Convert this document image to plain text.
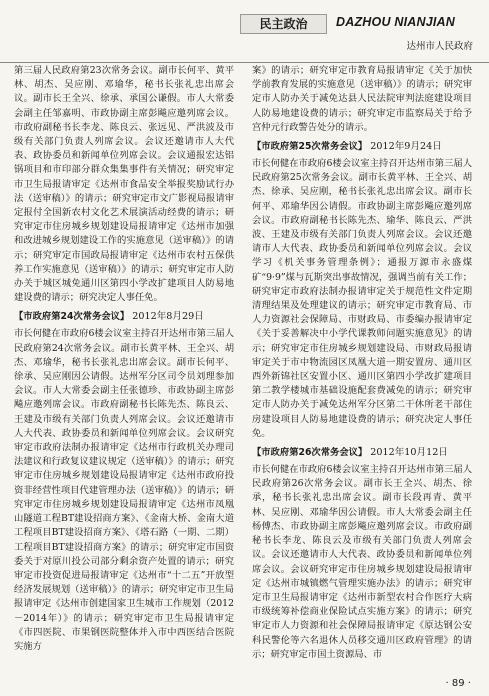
民主政治	DAZHOU NIANJIAN
达州市人民政府

第三届人民政府第23次常务会议。副市长何平、黄平林、胡杰、吴应刚、邓瑜华，秘书长张礼忠出席会议。副市长王全兴、徐承、承国公谦假。市人大常委会副主任邹嘉明、市政协副主席彭飚应邀列席会议。市政府副秘书长李龙、陈良云、张远见、严洪波及市级有关部门负责人列席会议。会议还邀请市人大代表、政协委员和新闻单位列席会议。会议通报宏达铝锅项目和市印部分群众集集事件有关情况；研究审定市卫生局报请审定《达州市食品安全举报奖励试行办法（送审稿）》的请示；研究审定市文广影视局报请审定报付全国新农村文化艺术展演活动经费的请示；研究审定市住房城乡规划建设局报请审定《达州市加强和改进城乡规划建设工作的实施意见（送审稿）》的请示；研究审定市国政局报请审定《达州市农村五保供养工作实施意见（送审稿）》的请示；研究审定市人防办关于城区城免通川区第四小学改扩建项目人防易地建设费的请示；研究决定人事任免。

【市政府第24次常务会议】 2012年8月29日

市长何健在市政府6楼会议室主持召开达州市第三届人民政府第24次常务会议。副市长黄平林、王全兴、胡杰、邓瑜华，秘书长张礼忠出席会议。副市长何平、徐承、吴应刚因公请假。达州军分区司令员刘理参加会议。市人大常委会副主任张德珍、市政协副主席彭飚应邀列席会议。市政府副秘书长陈先杰、陈良云、王建及市级有关部门负责人列席会议。会议还邀请市人大代表、政协委员和新闻单位列席会议。会议研究审定市政府法制办报请审定《达州市行政机关办理司法建议和行政复议建议规定（送审稿）》的请示；研究审定市住房城乡规划建设局报请审定《达州市政府投资非经营性项目代建管理办法（送审稿）》的请示；研究审定市住房城乡规划建设局报请审定《达州市凤凰山隧道工程BT建设招商方案》、《金南大桥、金南大道工程项目BT建设招商方案》、《塔石路（一期、二期）工程项目BT建设招商方案》的请示；研究审定市国资委关于对原川投公司部分剩余资产处置的请示；研究审定市投资促进局报请审定《达州市“十二五”开放型经济发展规划（送审稿）》的请示；研究审定市卫生局报请审定《达州市创建国家卫生城市工作规划（2012－2014年）》的请示；研究审定市卫生局报请审定《市四医院、市果钢医院整体并入市中西医结合医院实施方

案》的请示；研究审定市教育局报请审定《关于加快学前教育发展的实施意见（送审稿）》的请示；研究审定市人防办关于减免达县人民法院审判法庭建设项目人防易地建设费的请示；研究审定市监察局关于给予宫仲元行政警告处分的请示。

【市政府第25次常务会议】 2012年9月24日

市长何健在市政府6楼会议室主持召开达州市第三届人民政府第25次常务会议。副市长黄平林、王全兴、胡杰、徐承、吴应刚，秘书长张礼忠出席会议。副市长何平、邓瑜华因公请假。市政协副主席彭飚应邀列席会议。市政府副秘书长陈先杰、瑜华、陈良云、严洪波、王建及市级有关部门负责人列席会议。会议还邀请市人大代表、政协委员和新闻单位列席会议。会议学习《机关事务管理条例》；通报万源市永盛煤矿“9·9”煤与瓦斯突出事故情况，强调当前有关工作；研究审定市政府法制办报请审定关于规范性文件定期清理结果及处理建议的请示；研究审定市教育局、市人力资源社会保障局、市财政局、市委编办报请审定《关于妥善解决中小学代课教师问题实施意见》的请示；研究审定市住房城乡规划建设局、市财政局报请审定关于市中物流园区凤凰大道一期安置房、通川区西外新锦社区安置小区、通川区第四小学改扩建项目第二教学楼城市基础设施配套费减免的请示；研究审定市人防办关于减免达州军分区第二干休所老干部住房建设项目人防易地建设费的请示；研究决定人事任免。

【市政府第26次常务会议】 2012年10月12日

市长何健在市政府6楼会议室主持召开达州市第三届人民政府第26次常务会议。副市长王全兴、胡杰、徐承，秘书长张礼忠出席会议。副市长段再青、黄平林、吴应刚、邓瑜华因公请假。市人大常委会副主任杨傅杰、市政协副主席彭飚应邀列席会议。市政府副秘书长李龙、陈良云及市级有关部门负责人列席会议。会议还邀请市人大代表、政协委员和新闻单位列席会议。会议研究审定市住房城乡规划建设局报请审定《达州市城镇燃气管理实施办法》的请示；研究审定市卫生局报请审定《达州市新型农村合作医疗大病市级统筹补偿商业保险试点实施方案》的请示；研究审定市人力资源和社会保障局报请审定《原达钢公安科民警伦等六名退休人员移交通川区政府管理》的请示；研究审定市国土资源局、市

· 89 ·
